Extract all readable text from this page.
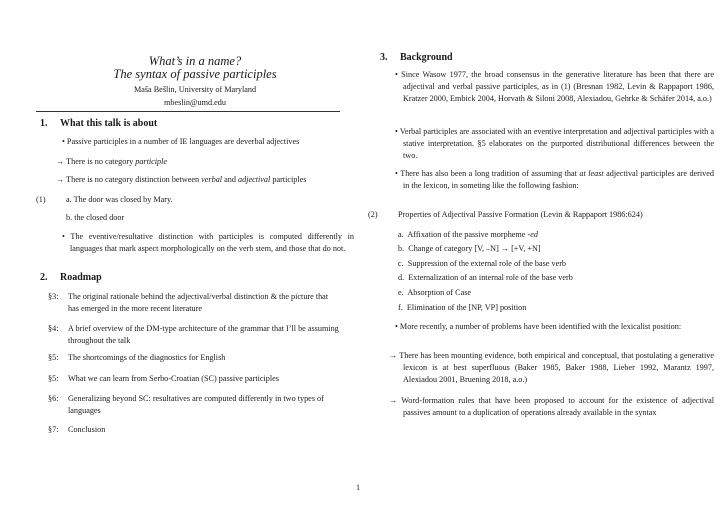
What’s in a name?
The syntax of passive participles
Maša Bešlin, University of Maryland
mbeslin@umd.edu
1. What this talk is about
• Passive participles in a number of IE languages are deverbal adjectives
→ There is no category participle
→ There is no category distinction between verbal and adjectival participles
(1) a. The door was closed by Mary.
b. the closed door
• The eventive/resultative distinction with participles is computed differently in languages that mark aspect morphologically on the verb stem, and those that do not.
2. Roadmap
§3: The original rationale behind the adjectival/verbal distinction & the picture that has emerged in the more recent literature
§4: A brief overview of the DM-type architecture of the grammar that I’ll be assuming throughout the talk
§5: The shortcomings of the diagnostics for English
§5: What we can learn from Serbo-Croatian (SC) passive participles
§6: Generalizing beyond SC: resultatives are computed differently in two types of languages
§7: Conclusion
3. Background
• Since Wasow 1977, the broad consensus in the generative literature has been that there are adjectival and verbal passive participles, as in (1) (Bresnan 1982, Levin & Rappaport 1986, Kratzer 2000, Embick 2004, Horvath & Siloni 2008, Alexiadou, Gehrke & Schäfer 2014, a.o.)
• Verbal participles are associated with an eventive interpretation and adjectival participles with a stative interpretation. §5 elaborates on the purported distributional differences between the two.
• There has also been a long tradition of assuming that at least adjectival participles are derived in the lexicon, in someting like the following fashion:
(2) Properties of Adjectival Passive Formation (Levin & Rappaport 1986:624)
a. Affixation of the passive morpheme -ed
b. Change of category [V, –N] → [+V, +N]
c. Suppression of the external role of the base verb
d. Externalization of an internal role of the base verb
e. Absorption of Case
f. Elimination of the [NP, VP] position
• More recently, a number of problems have been identified with the lexicalist position:
→ There has been mounting evidence, both empirical and conceptual, that postulating a generative lexicon is at best superfluous (Baker 1985, Baker 1988, Lieber 1992, Marantz 1997, Alexiadou 2001, Bruening 2018, a.o.)
→ Word-formation rules that have been proposed to account for the existence of adjectival passives amount to a duplication of operations already available in the syntax
1
